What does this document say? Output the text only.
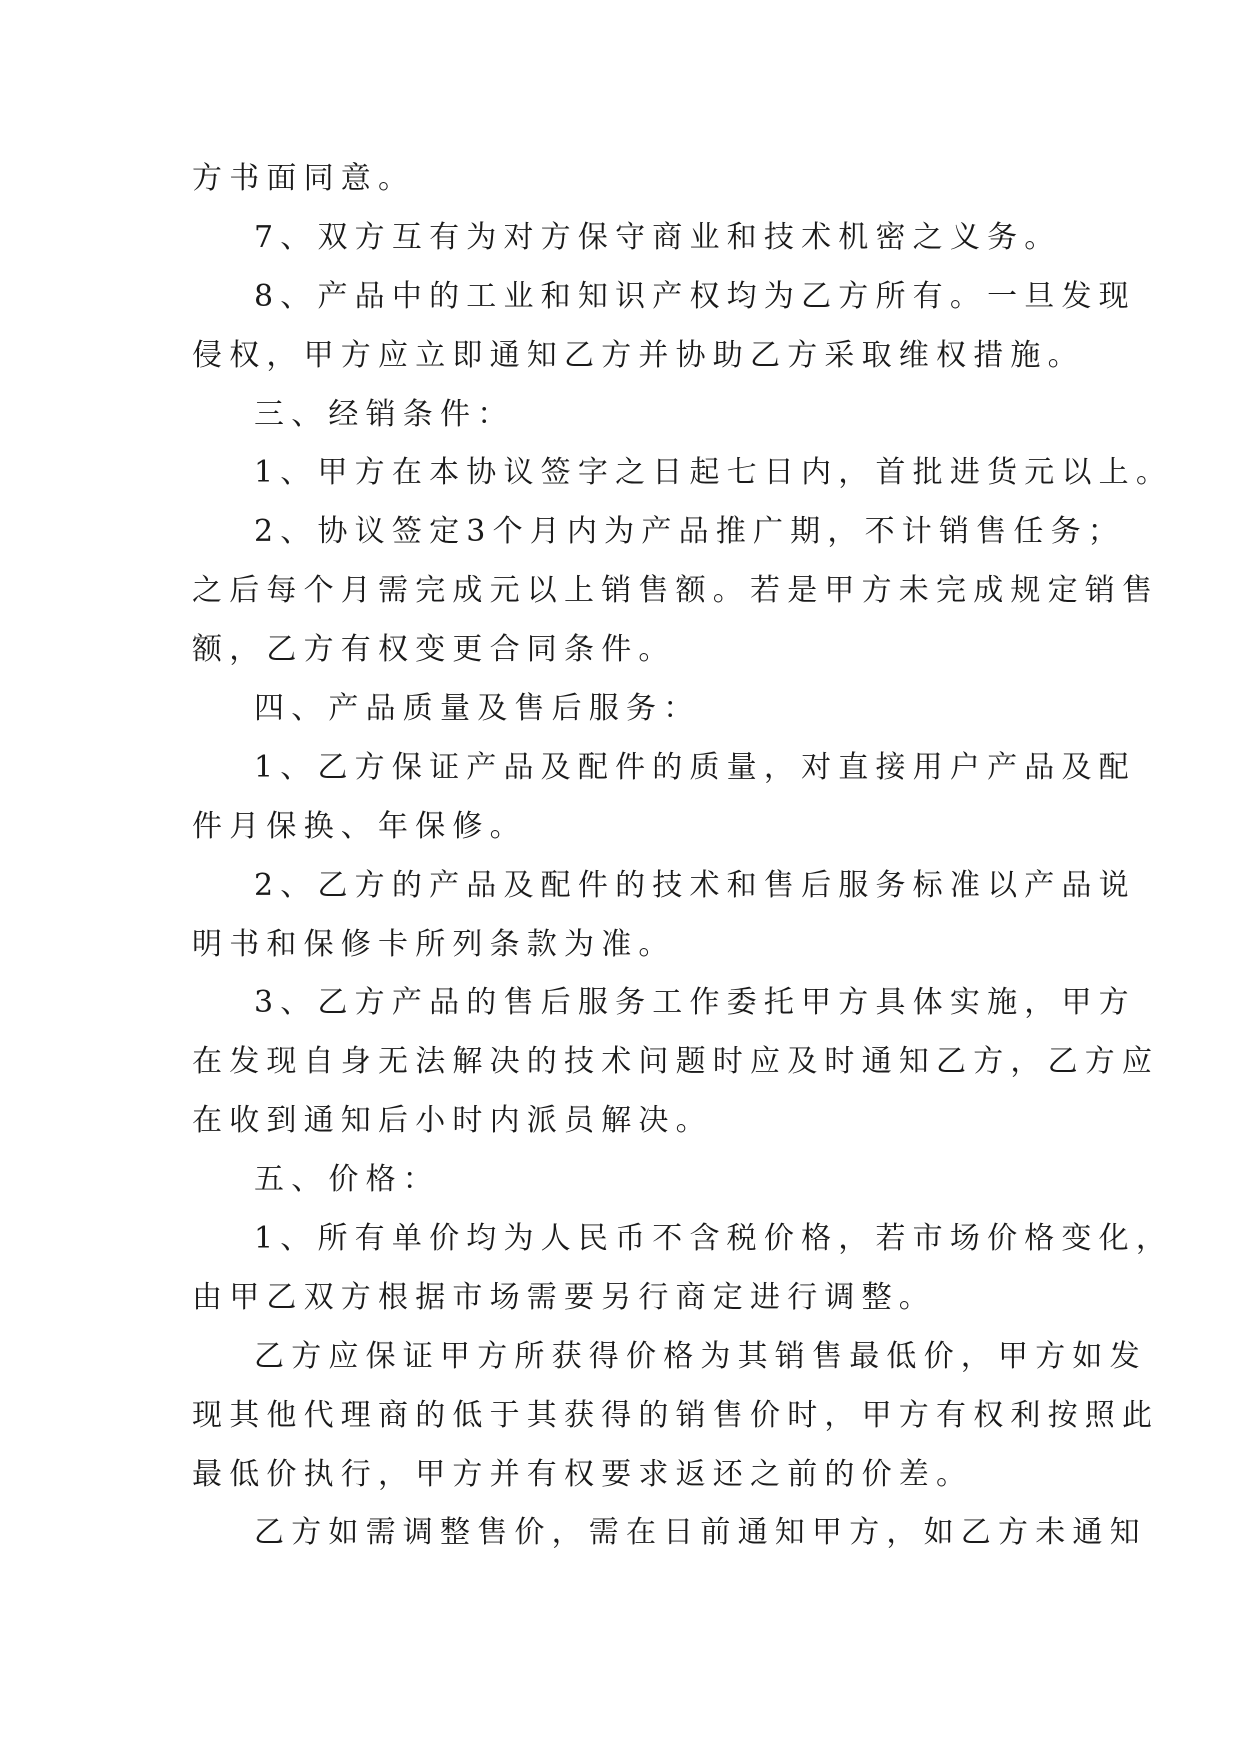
方书面同意。
7、双方互有为对方保守商业和技术机密之义务。
8、产品中的工业和知识产权均为乙方所有。一旦发现
侵权，甲方应立即通知乙方并协助乙方采取维权措施。
三、经销条件：
1、甲方在本协议签字之日起七日内，首批进货元以上。
2、协议签定3个月内为产品推广期，不计销售任务；
之后每个月需完成元以上销售额。若是甲方未完成规定销售
额，乙方有权变更合同条件。
四、产品质量及售后服务：
1、乙方保证产品及配件的质量，对直接用户产品及配
件月保换、年保修。
2、乙方的产品及配件的技术和售后服务标准以产品说
明书和保修卡所列条款为准。
3、乙方产品的售后服务工作委托甲方具体实施，甲方
在发现自身无法解决的技术问题时应及时通知乙方，乙方应
在收到通知后小时内派员解决。
五、价格：
1、所有单价均为人民币不含税价格，若市场价格变化，
由甲乙双方根据市场需要另行商定进行调整。
乙方应保证甲方所获得价格为其销售最低价，甲方如发
现其他代理商的低于其获得的销售价时，甲方有权利按照此
最低价执行，甲方并有权要求返还之前的价差。
乙方如需调整售价，需在日前通知甲方，如乙方未通知
